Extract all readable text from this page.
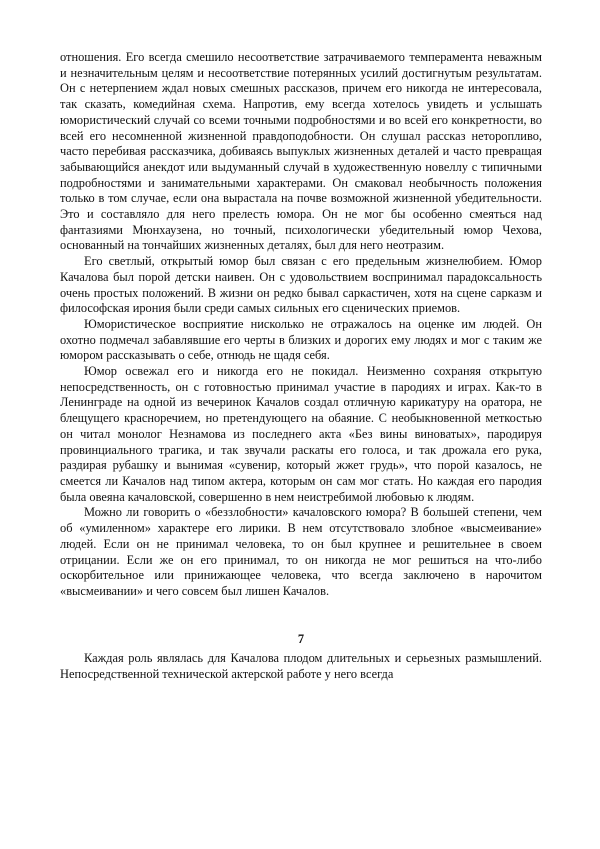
отношения. Его всегда смешило несоответствие затрачиваемого темперамента неважным и незначительным целям и несоответствие потерянных усилий достигнутым результатам. Он с нетерпением ждал новых смешных рассказов, причем его никогда не интересовала, так сказать, комедийная схема. Напротив, ему всегда хотелось увидеть и услышать юмористический случай со всеми точными подробностями и во всей его конкретности, во всей его несомненной жизненной правдоподобности. Он слушал рассказ неторопливо, часто перебивая рассказчика, добиваясь выпуклых жизненных деталей и часто превращая забывающийся анекдот или выдуманный случай в художественную новеллу с типичными подробностями и занимательными характерами. Он смаковал необычность положения только в том случае, если она вырастала на почве возможной жизненной убедительности. Это и составляло для него прелесть юмора. Он не мог бы особенно смеяться над фантазиями Мюнхаузена, но точный, психологически убедительный юмор Чехова, основанный на тончайших жизненных деталях, был для него неотразим.

Его светлый, открытый юмор был связан с его предельным жизнелюбием. Юмор Качалова был порой детски наивен. Он с удовольствием воспринимал парадоксальность очень простых положений. В жизни он редко бывал саркастичен, хотя на сцене сарказм и философская ирония были среди самых сильных его сценических приемов.

Юмористическое восприятие нисколько не отражалось на оценке им людей. Он охотно подмечал забавлявшие его черты в близких и дорогих ему людях и мог с таким же юмором рассказывать о себе, отнюдь не щадя себя.

Юмор освежал его и никогда его не покидал. Неизменно сохраняя открытую непосредственность, он с готовностью принимал участие в пародиях и играх. Как-то в Ленинграде на одной из вечеринок Качалов создал отличную карикатуру на оратора, не блещущего красноречием, но претендующего на обаяние. С необыкновенной меткостью он читал монолог Незнамова из последнего акта «Без вины виноватых», пародируя провинциального трагика, и так звучали раскаты его голоса, и так дрожала его рука, раздирая рубашку и вынимая «сувенир, который жжет грудь», что порой казалось, не смеется ли Качалов над типом актера, которым он сам мог стать. Но каждая его пародия была овеяна качаловской, совершенно в нем неистребимой любовью к людям.

Можно ли говорить о «беззлобности» качаловского юмора? В большей степени, чем об «умиленном» характере его лирики. В нем отсутствовало злобное «высмеивание» людей. Если он не принимал человека, то он был крупнее и решительнее в своем отрицании. Если же он его принимал, то он никогда не мог решиться на что-либо оскорбительное или принижающее человека, что всегда заключено в нарочитом «высмеивании» и чего совсем был лишен Качалов.

7

Каждая роль являлась для Качалова плодом длительных и серьезных размышлений. Непосредственной технической актерской работе у него всегда
